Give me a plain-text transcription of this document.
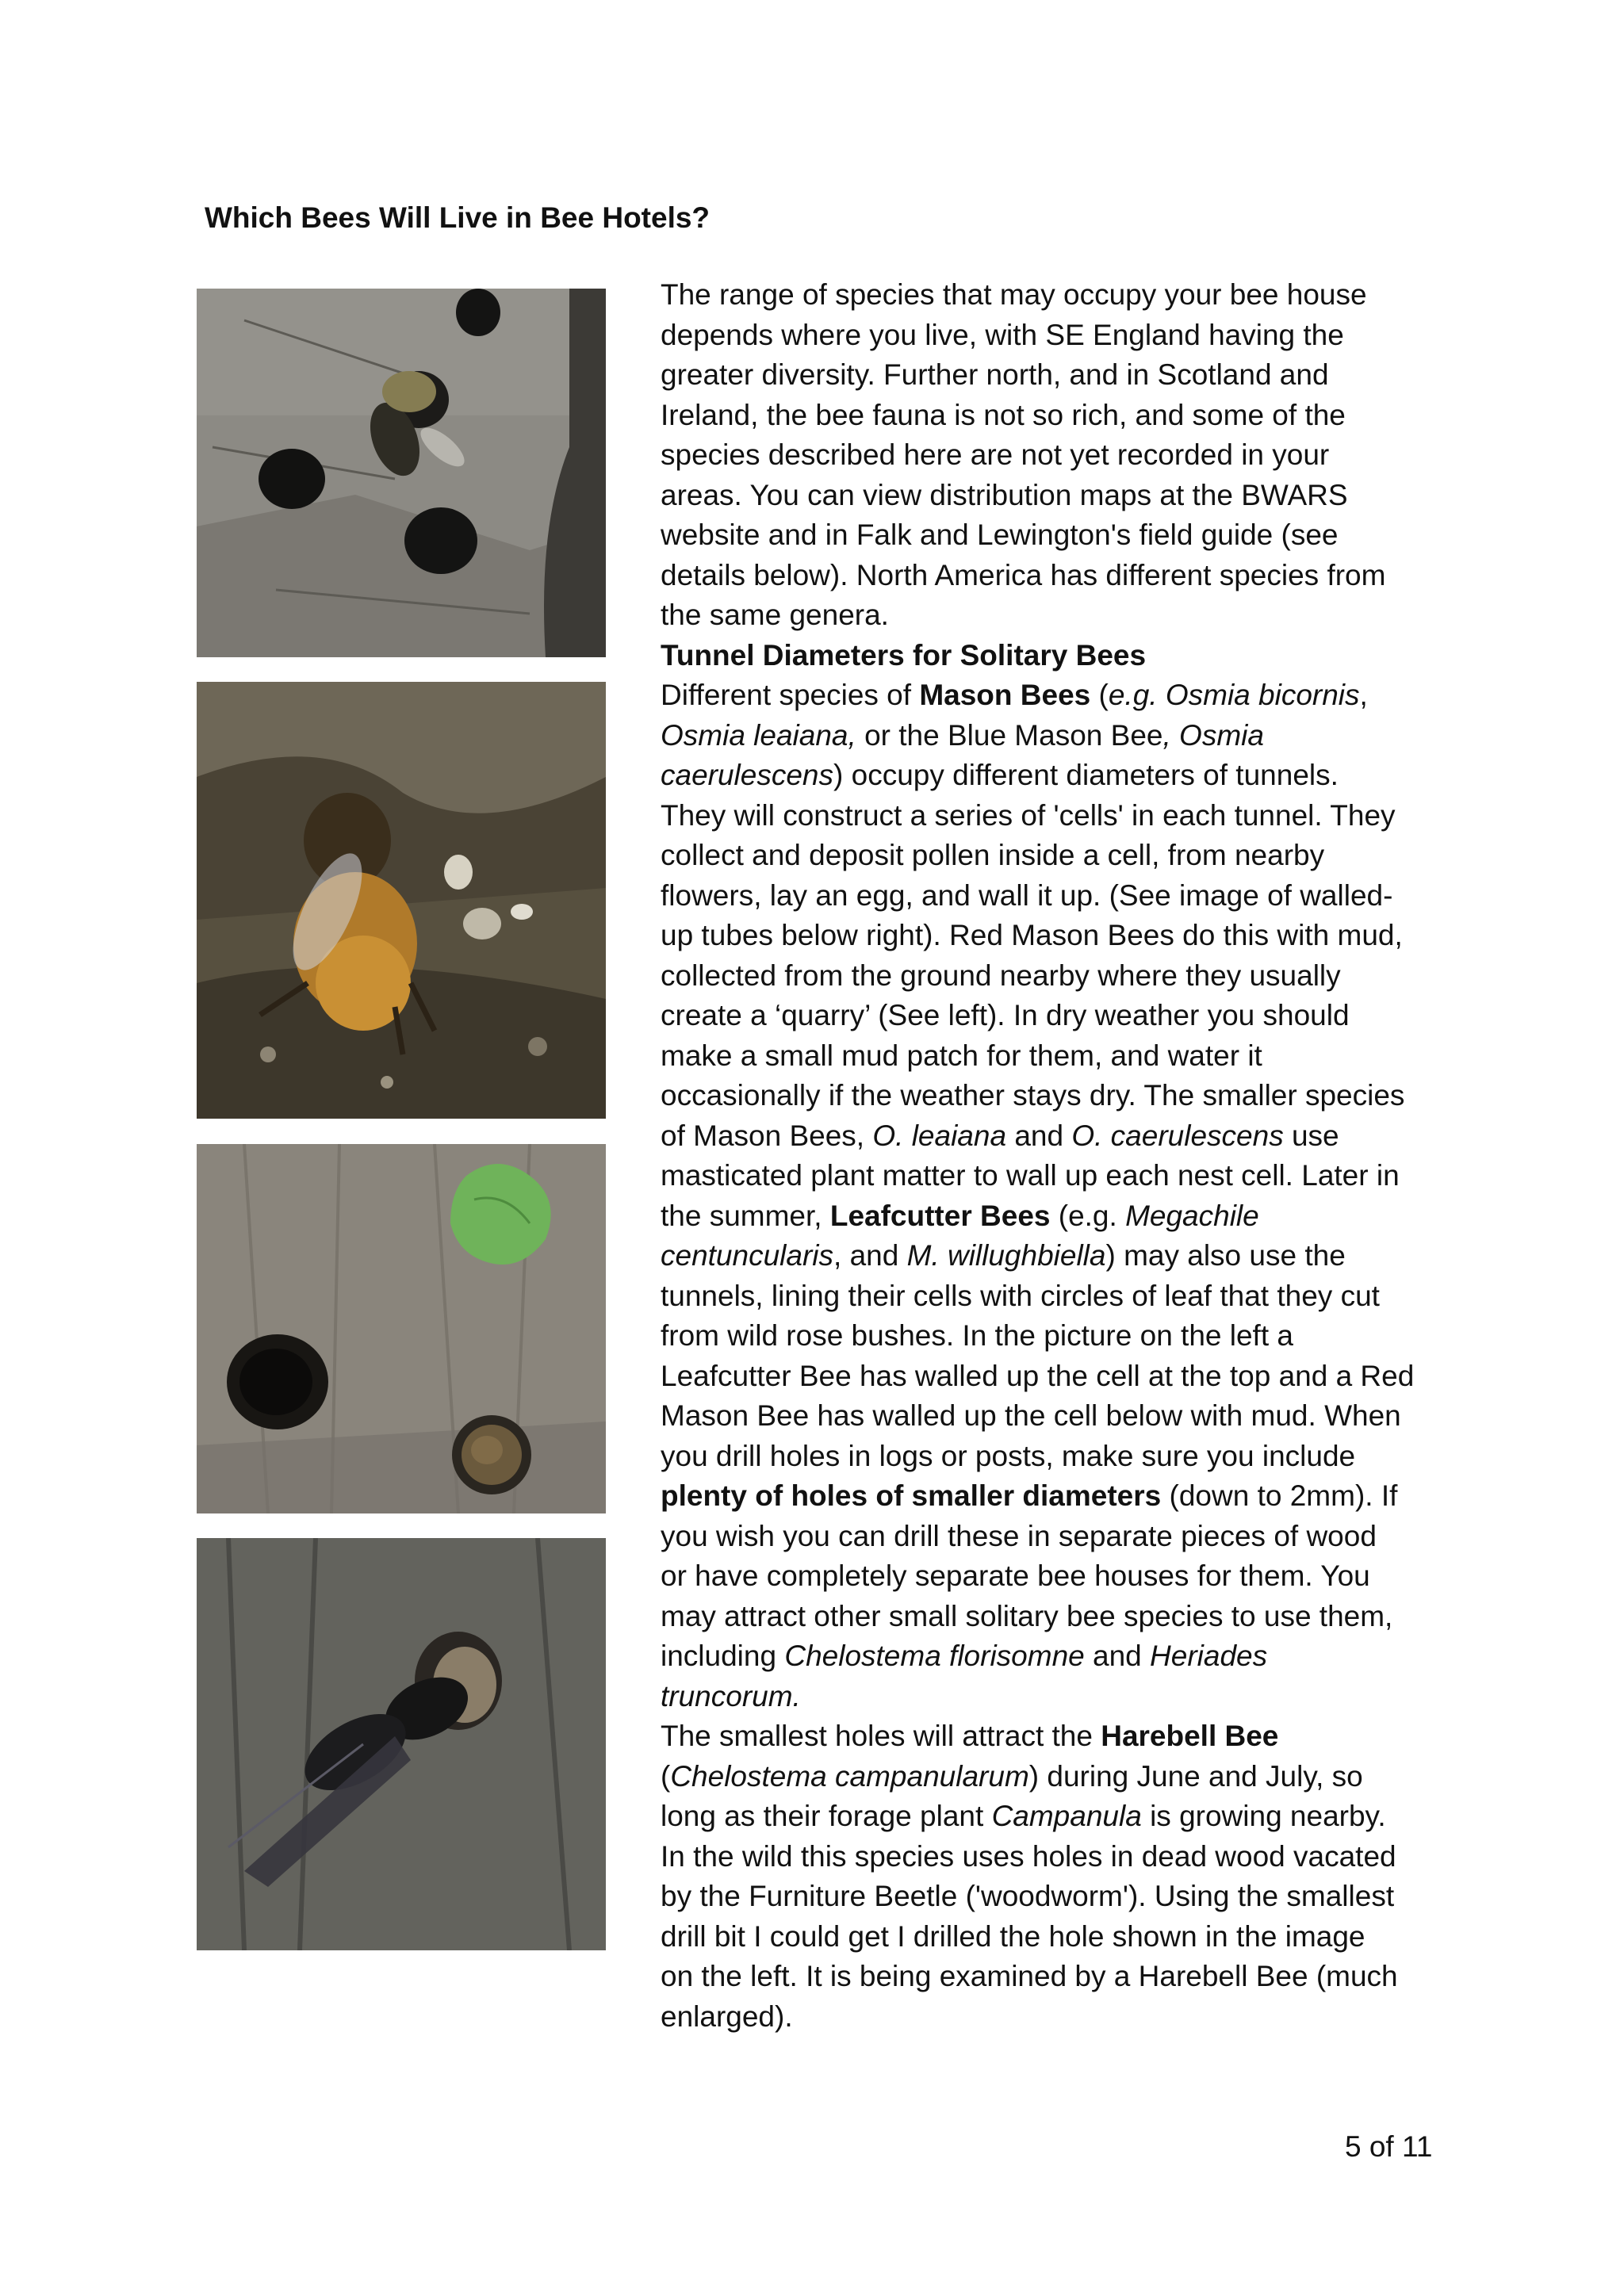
Which Bees Will Live in Bee Hotels?

The range of species that may occupy your bee house

depends where you live, with SE England having the

greater diversity. Further north, and in Scotland and

Ireland, the bee fauna is not so rich, and some of the

species described here are not yet recorded in your

areas. You can view distribution maps at the BWARS

website and in Falk and Lewington's field guide (see

details below). North America has different species from

the same genera.

Tunnel Diameters for Solitary Bees

Different species of Mason Bees (e.g. Osmia bicornis,

Osmia leaiana, or the Blue Mason Bee, Osmia

caerulescens) occupy different diameters of tunnels.

They will construct a series of 'cells' in each tunnel. They

collect and deposit pollen inside a cell, from nearby

flowers, lay an egg, and wall it up. (See image of walled-

up tubes below right). Red Mason Bees do this with mud,

collected from the ground nearby where they usually

create a ‘quarry’ (See left). In dry weather you should

make a small mud patch for them, and water it

occasionally if the weather stays dry. The smaller species

of Mason Bees, O. leaiana and O. caerulescens use

masticated plant matter to wall up each nest cell. Later in

the summer, Leafcutter Bees (e.g. Megachile

centuncularis, and M. willughbiella) may also use the

tunnels, lining their cells with circles of leaf that they cut

from wild rose bushes. In the picture on the left a

Leafcutter Bee has walled up the cell at the top and a Red

Mason Bee has walled up the cell below with mud. When

you drill holes in logs or posts, make sure you include

plenty of holes of smaller diameters (down to 2mm). If

you wish you can drill these in separate pieces of wood

or have completely separate bee houses for them. You

may attract other small solitary bee species to use them,

including Chelostema florisomne and Heriades

truncorum.

The smallest holes will attract the Harebell Bee

(Chelostema campanularum) during June and July, so

long as their forage plant Campanula is growing nearby.

In the wild this species uses holes in dead wood vacated

by the Furniture Beetle ('woodworm'). Using the smallest

drill bit I could get I drilled the hole shown in the image

on the left. It is being examined by a Harebell Bee (much

enlarged).

5 of 11
